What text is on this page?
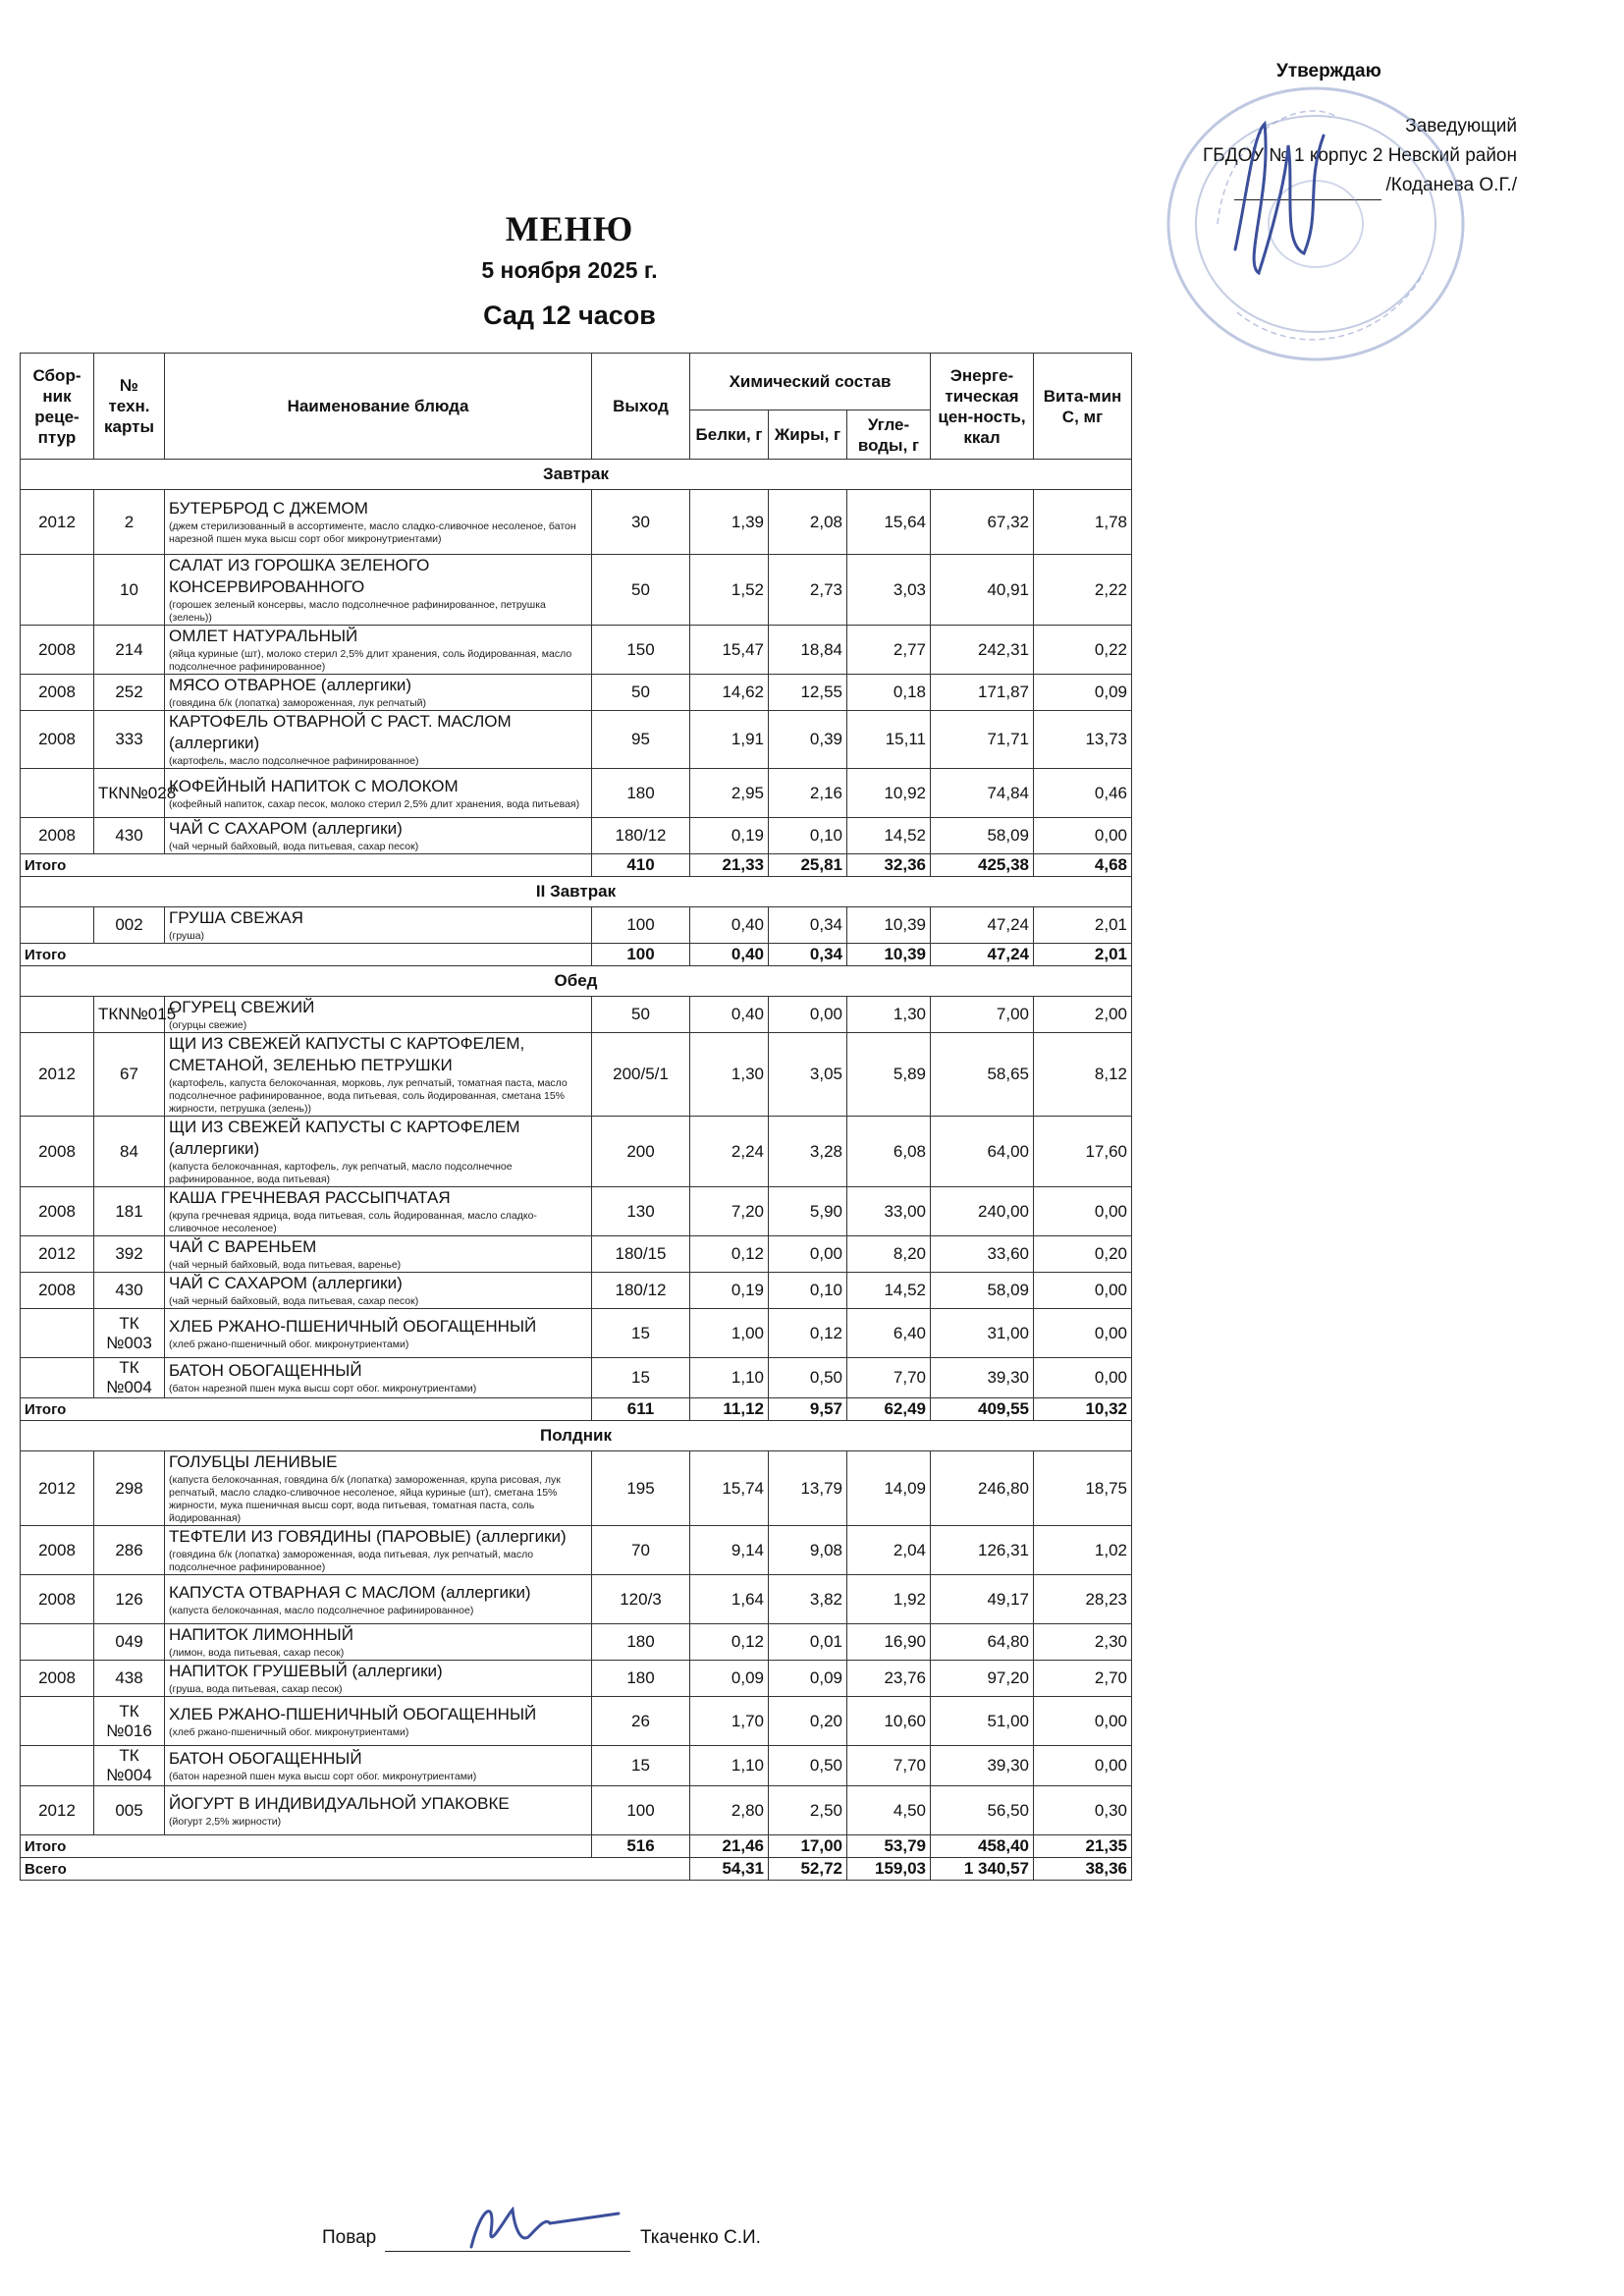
Утверждаю
Заведующий
ГБДОУ № 1 корпус 2 Невский район
/Коданева О.Г./
МЕНЮ
5 ноября 2025 г.
Сад 12 часов
Сбор-ник реце-птур	№ техн. карты	Наименование блюда	Выход	Химический состав			Энерге-тическая цен-ность, ккал	Вита-мин С, мг
				Белки, г	Жиры, г	Угле-воды, г		
Завтрак								
2012	2	БУТЕРБРОД С ДЖЕМОМ
(джем стерилизованный в ассортименте, масло сладко-сливочное несоленое, батон нарезной пшен мука высш сорт обог микронутриентами)	30	1,39	2,08	15,64	67,32	1,78
	10	САЛАТ ИЗ ГОРОШКА ЗЕЛЕНОГО КОНСЕРВИРОВАННОГО
(горошек зеленый консервы, масло подсолнечное рафинированное, петрушка (зелень))	50	1,52	2,73	3,03	40,91	2,22
2008	214	ОМЛЕТ НАТУРАЛЬНЫЙ
(яйца куриные (шт), молоко стерил 2,5% длит хранения, соль йодированная, масло подсолнечное рафинированное)	150	15,47	18,84	2,77	242,31	0,22
2008	252	МЯСО ОТВАРНОЕ (аллергики)
(говядина б/к (лопатка) замороженная, лук репчатый)	50	14,62	12,55	0,18	171,87	0,09
2008	333	КАРТОФЕЛЬ ОТВАРНОЙ С РАСТ. МАСЛОМ (аллергики)
(картофель, масло подсолнечное рафинированное)	95	1,91	0,39	15,11	71,71	13,73
	ТКN№028	КОФЕЙНЫЙ НАПИТОК С МОЛОКОМ
(кофейный напиток, сахар песок, молоко стерил 2,5% длит хранения, вода питьевая)	180	2,95	2,16	10,92	74,84	0,46
2008	430	ЧАЙ С САХАРОМ (аллергики)
(чай черный байховый, вода питьевая, сахар песок)	180/12	0,19	0,10	14,52	58,09	0,00
Итого			410	21,33	25,81	32,36	425,38	4,68
II Завтрак								
	002	ГРУША СВЕЖАЯ
(груша)	100	0,40	0,34	10,39	47,24	2,01
Итого			100	0,40	0,34	10,39	47,24	2,01
Обед								
	ТКN№015	ОГУРЕЦ СВЕЖИЙ
(огурцы свежие)	50	0,40	0,00	1,30	7,00	2,00
2012	67	ЩИ ИЗ СВЕЖЕЙ КАПУСТЫ С КАРТОФЕЛЕМ, СМЕТАНОЙ, ЗЕЛЕНЬЮ ПЕТРУШКИ
(картофель, капуста белокочанная, морковь, лук репчатый, томатная паста, масло подсолнечное рафинированное, вода питьевая, соль йодированная, сметана 15% жирности, петрушка (зелень))	200/5/1	1,30	3,05	5,89	58,65	8,12
2008	84	ЩИ ИЗ СВЕЖЕЙ КАПУСТЫ С КАРТОФЕЛЕМ (аллергики)
(капуста белокочанная, картофель, лук репчатый, масло подсолнечное рафинированное, вода питьевая)	200	2,24	3,28	6,08	64,00	17,60
2008	181	КАША ГРЕЧНЕВАЯ РАССЫПЧАТАЯ
(крупа гречневая ядрица, вода питьевая, соль йодированная, масло сладко-сливочное несоленое)	130	7,20	5,90	33,00	240,00	0,00
2012	392	ЧАЙ С ВАРЕНЬЕМ
(чай черный байховый, вода питьевая, варенье)	180/15	0,12	0,00	8,20	33,60	0,20
2008	430	ЧАЙ С САХАРОМ (аллергики)
(чай черный байховый, вода питьевая, сахар песок)	180/12	0,19	0,10	14,52	58,09	0,00
	ТК №003	ХЛЕБ РЖАНО-ПШЕНИЧНЫЙ ОБОГАЩЕННЫЙ
(хлеб ржано-пшеничный обог. микронутриентами)	15	1,00	0,12	6,40	31,00	0,00
	ТК №004	БАТОН ОБОГАЩЕННЫЙ
(батон нарезной пшен мука высш сорт обог. микронутриентами)	15	1,10	0,50	7,70	39,30	0,00
Итого			611	11,12	9,57	62,49	409,55	10,32
Полдник								
2012	298	ГОЛУБЦЫ ЛЕНИВЫЕ
(капуста белокочанная, говядина б/к (лопатка) замороженная, крупа рисовая, лук репчатый, масло сладко-сливочное несоленое, яйца куриные (шт), сметана 15% жирности, мука пшеничная высш сорт, вода питьевая, томатная паста, соль йодированная)	195	15,74	13,79	14,09	246,80	18,75
2008	286	ТЕФТЕЛИ ИЗ ГОВЯДИНЫ (ПАРОВЫЕ) (аллергики)
(говядина б/к (лопатка) замороженная, вода питьевая, лук репчатый, масло подсолнечное рафинированное)	70	9,14	9,08	2,04	126,31	1,02
2008	126	КАПУСТА ОТВАРНАЯ С МАСЛОМ (аллергики)
(капуста белокочанная, масло подсолнечное рафинированное)	120/3	1,64	3,82	1,92	49,17	28,23
	049	НАПИТОК ЛИМОННЫЙ
(лимон, вода питьевая, сахар песок)	180	0,12	0,01	16,90	64,80	2,30
2008	438	НАПИТОК ГРУШЕВЫЙ (аллергики)
(груша, вода питьевая, сахар песок)	180	0,09	0,09	23,76	97,20	2,70
	ТК №016	ХЛЕБ РЖАНО-ПШЕНИЧНЫЙ ОБОГАЩЕННЫЙ
(хлеб ржано-пшеничный обог. микронутриентами)	26	1,70	0,20	10,60	51,00	0,00
	ТК №004	БАТОН ОБОГАЩЕННЫЙ
(батон нарезной пшен мука высш сорт обог. микронутриентами)	15	1,10	0,50	7,70	39,30	0,00
2012	005	ЙОГУРТ В ИНДИВИДУАЛЬНОЙ УПАКОВКЕ
(йогурт 2,5% жирности)	100	2,80	2,50	4,50	56,50	0,30
Итого			516	21,46	17,00	53,79	458,40	21,35
Всего				54,31	52,72	159,03	1 340,57	38,36
Повар	Ткаченко С.И.
